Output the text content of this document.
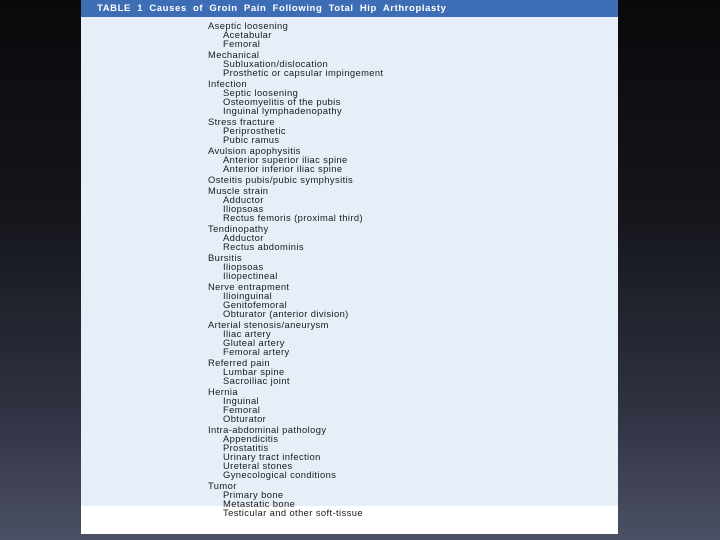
TABLE 1 Causes of Groin Pain Following Total Hip Arthroplasty
Aseptic loosening
Acetabular
Femoral
Mechanical
Subluxation/dislocation
Prosthetic or capsular impingement
Infection
Septic loosening
Osteomyelitis of the pubis
Inguinal lymphadenopathy
Stress fracture
Periprosthetic
Pubic ramus
Avulsion apophysitis
Anterior superior iliac spine
Anterior inferior iliac spine
Osteitis pubis/pubic symphysitis
Muscle strain
Adductor
Iliopsoas
Rectus femoris (proximal third)
Tendinopathy
Adductor
Rectus abdominis
Bursitis
Iliopsoas
Iliopectineal
Nerve entrapment
Ilioinguinal
Genitofemoral
Obturator (anterior division)
Arterial stenosis/aneurysm
Iliac artery
Gluteal artery
Femoral artery
Referred pain
Lumbar spine
Sacroiliac joint
Hernia
Inguinal
Femoral
Obturator
Intra-abdominal pathology
Appendicitis
Prostatitis
Urinary tract infection
Ureteral stones
Gynecological conditions
Tumor
Primary bone
Metastatic bone
Testicular and other soft-tissue
